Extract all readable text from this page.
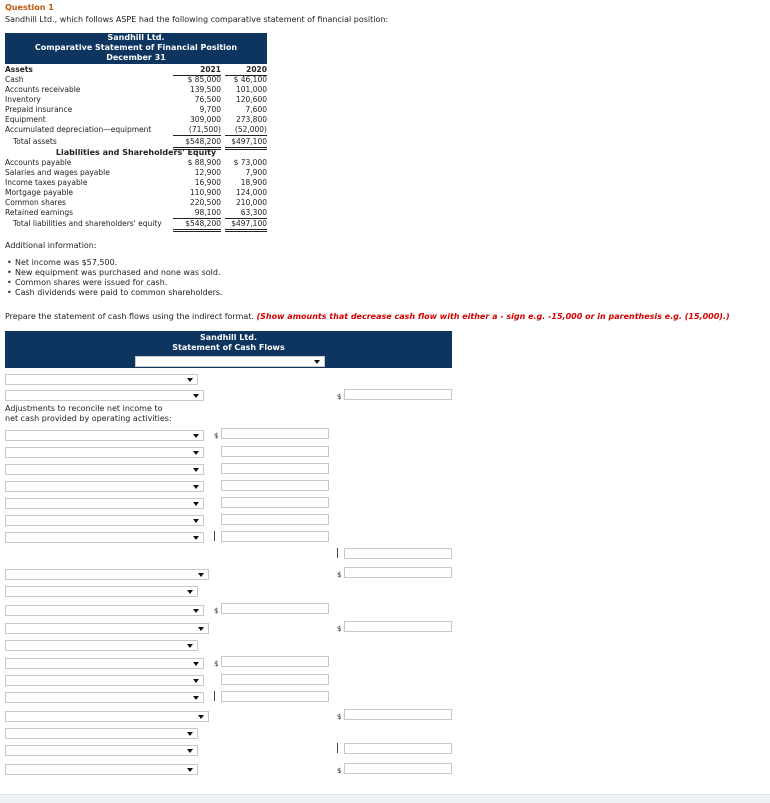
Question 1
Sandhill Ltd., which follows ASPE had the following comparative statement of financial position:
Sandhill Ltd.
Comparative Statement of Financial Position
December 31
Assets	2021	2020
Cash	$ 85,000	$ 46,100
Accounts receivable	139,500	101,000
Inventory	76,500	120,600
Prepaid insurance	9,700	7,600
Equipment	309,000	273,800
Accumulated depreciation—equipment	(71,500)	(52,000)
Total assets	$548,200	$497,100
Liabilities and Shareholders' Equity
Accounts payable	$ 88,900	$ 73,000
Salaries and wages payable	12,900	7,900
Income taxes payable	16,900	18,900
Mortgage payable	110,900	124,000
Common shares	220,500	210,000
Retained earnings	98,100	63,300
Total liabilities and shareholders' equity	$548,200	$497,100
Additional information:
• Net income was $57,500.
• New equipment was purchased and none was sold.
• Common shares were issued for cash.
• Cash dividends were paid to common shareholders.
Prepare the statement of cash flows using the indirect format. (Show amounts that decrease cash flow with either a - sign e.g. -15,000 or in parenthesis e.g. (15,000).)
Sandhill Ltd.
Statement of Cash Flows
$
Adjustments to reconcile net income to
net cash provided by operating activities:
$
$
$
$
$
$
$
